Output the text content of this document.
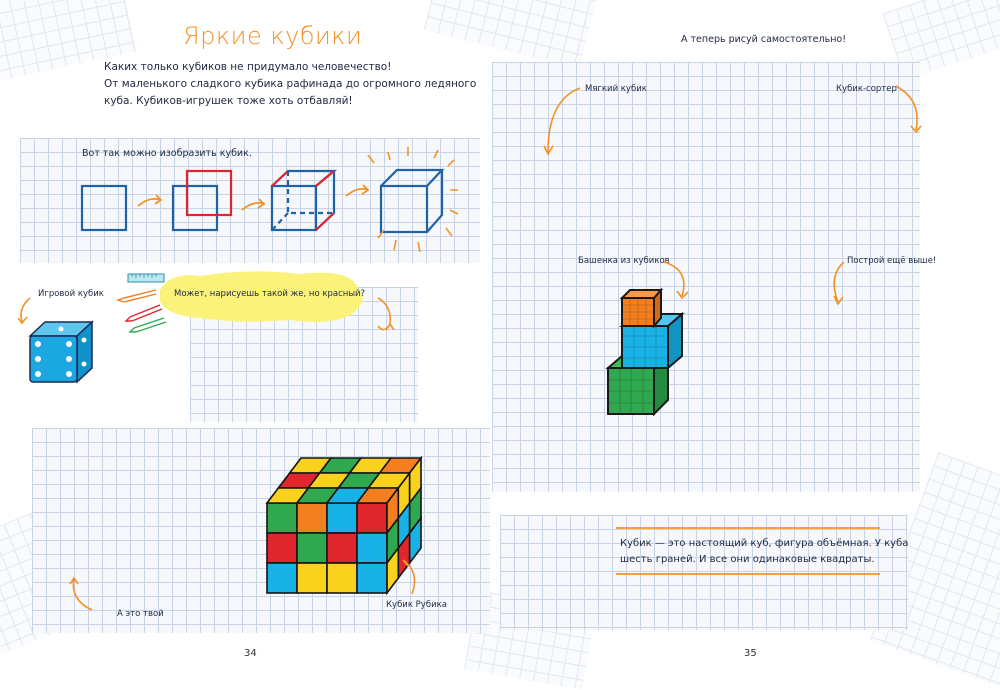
Яркие кубики
Каких только кубиков не придумало человечество!
От маленького сладкого кубика рафинада до огромного ледяного
куба. Кубиков-игрушек тоже хоть отбавляй!
Вот так можно изобразить кубик.
Игровой кубик	Может, нарисуешь такой же, но красный?
Кубик Рубика
А это твой
34
А теперь рисуй самостоятельно!
Мягкий кубик	Кубик-сортер
Башенка из кубиков	Построй ещё выше!
Кубик — это настоящий куб, фигура объёмная. У куба
шесть граней. И все они одинаковые квадраты.
35
